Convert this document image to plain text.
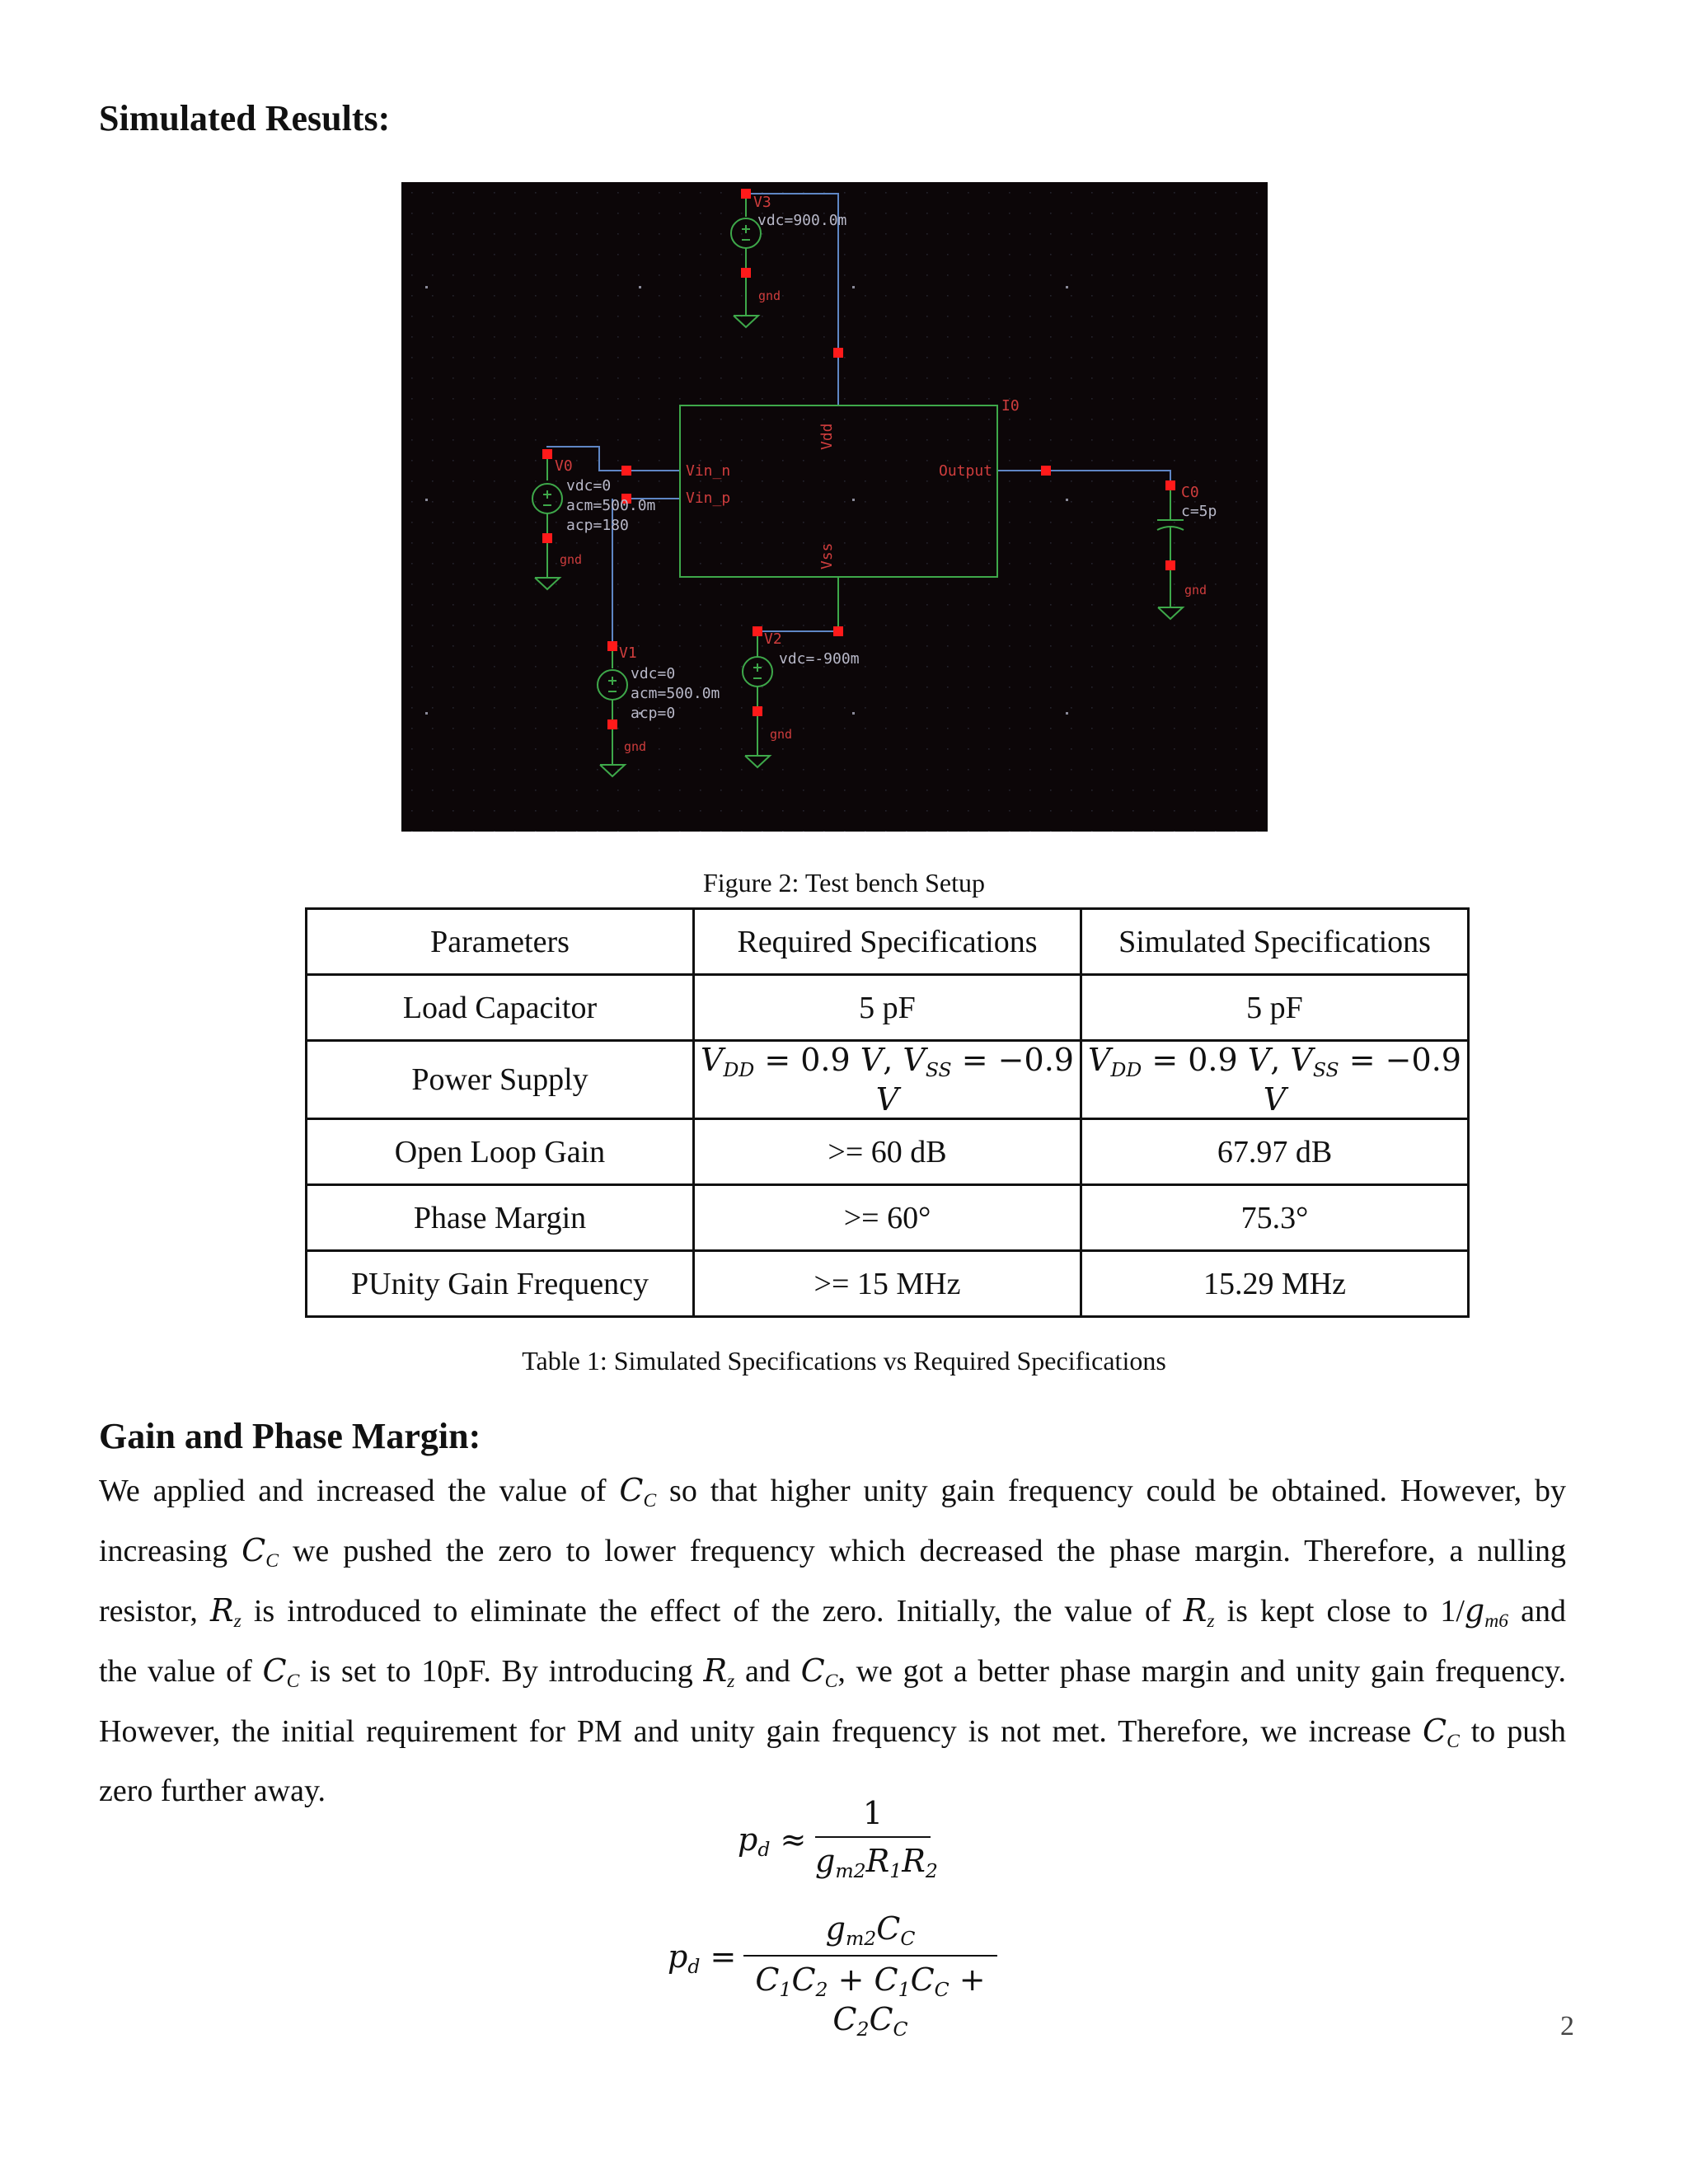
Simulated Results:
I0
Vdd
Vss
Vin_n
Vin_p
Output
V3
vdc=900.0m
gnd
V0
vdc=0
acm=500.0m
acp=180
gnd
V1
vdc=0
acm=500.0m
acp=0
gnd
V2
vdc=-900m
gnd
C0
c=5p
gnd
Figure 2: Test bench Setup
Parameters	Required Specifications	Simulated Specifications
Load Capacitor	5 pF	5 pF
Power Supply	$V_{DD} = 0.9$ V, $V_{SS} = -0.9$ V	$V_{DD} = 0.9$ V, $V_{SS} = -0.9$ V
Open Loop Gain	>= 60 dB	67.97 dB
Phase Margin	>= 60°	75.3°
PUnity Gain Frequency	>= 15 MHz	15.29 MHz
Table 1: Simulated Specifications vs Required Specifications
Gain and Phase Margin:
We applied and increased the value of $C_C$ so that higher unity gain frequency could be obtained. However, by
increasing $C_C$ we pushed the zero to lower frequency which decreased the phase margin. Therefore, a nulling
resistor, $R_z$ is introduced to eliminate the effect of the zero. Initially, the value of $R_z$ is kept close to $1/g_{m6}$ and
the value of $C_C$ is set to 10pF. By introducing $R_z$ and $C_C$, we got a better phase margin and unity gain frequency.
However, the initial requirement for PM and unity gain frequency is not met. Therefore, we increase $C_C$ to push
zero further away.
$p_d \approx \frac{1}{g_{m2}R_1R_2}$
$p_d = \frac{g_{m2}C_C}{C_1C_2 + C_1C_C + C_2C_C}$	2
